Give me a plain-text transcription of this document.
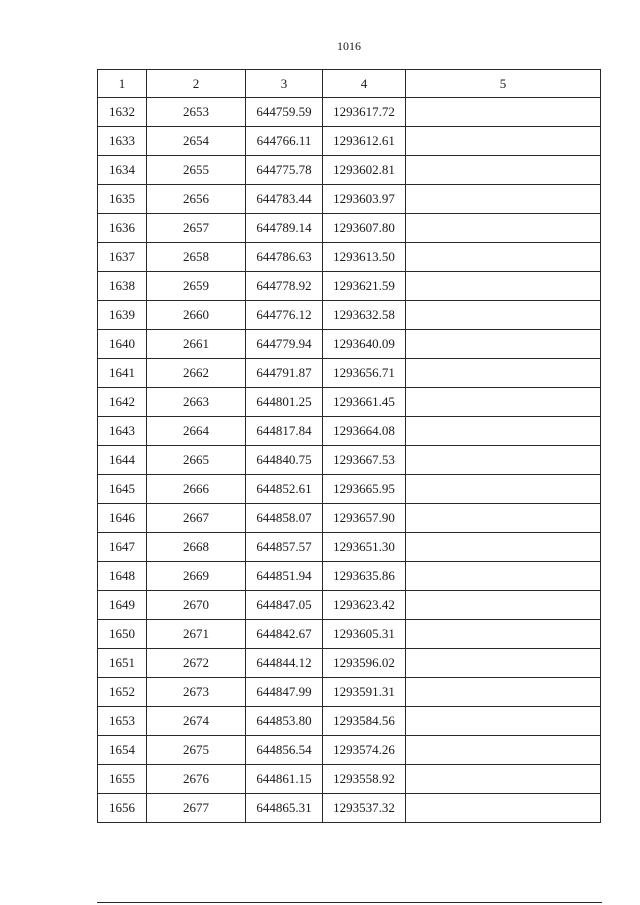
1016
1	2	3	4	5
1632	2653	644759.59	1293617.72	
1633	2654	644766.11	1293612.61	
1634	2655	644775.78	1293602.81	
1635	2656	644783.44	1293603.97	
1636	2657	644789.14	1293607.80	
1637	2658	644786.63	1293613.50	
1638	2659	644778.92	1293621.59	
1639	2660	644776.12	1293632.58	
1640	2661	644779.94	1293640.09	
1641	2662	644791.87	1293656.71	
1642	2663	644801.25	1293661.45	
1643	2664	644817.84	1293664.08	
1644	2665	644840.75	1293667.53	
1645	2666	644852.61	1293665.95	
1646	2667	644858.07	1293657.90	
1647	2668	644857.57	1293651.30	
1648	2669	644851.94	1293635.86	
1649	2670	644847.05	1293623.42	
1650	2671	644842.67	1293605.31	
1651	2672	644844.12	1293596.02	
1652	2673	644847.99	1293591.31	
1653	2674	644853.80	1293584.56	
1654	2675	644856.54	1293574.26	
1655	2676	644861.15	1293558.92	
1656	2677	644865.31	1293537.32	
